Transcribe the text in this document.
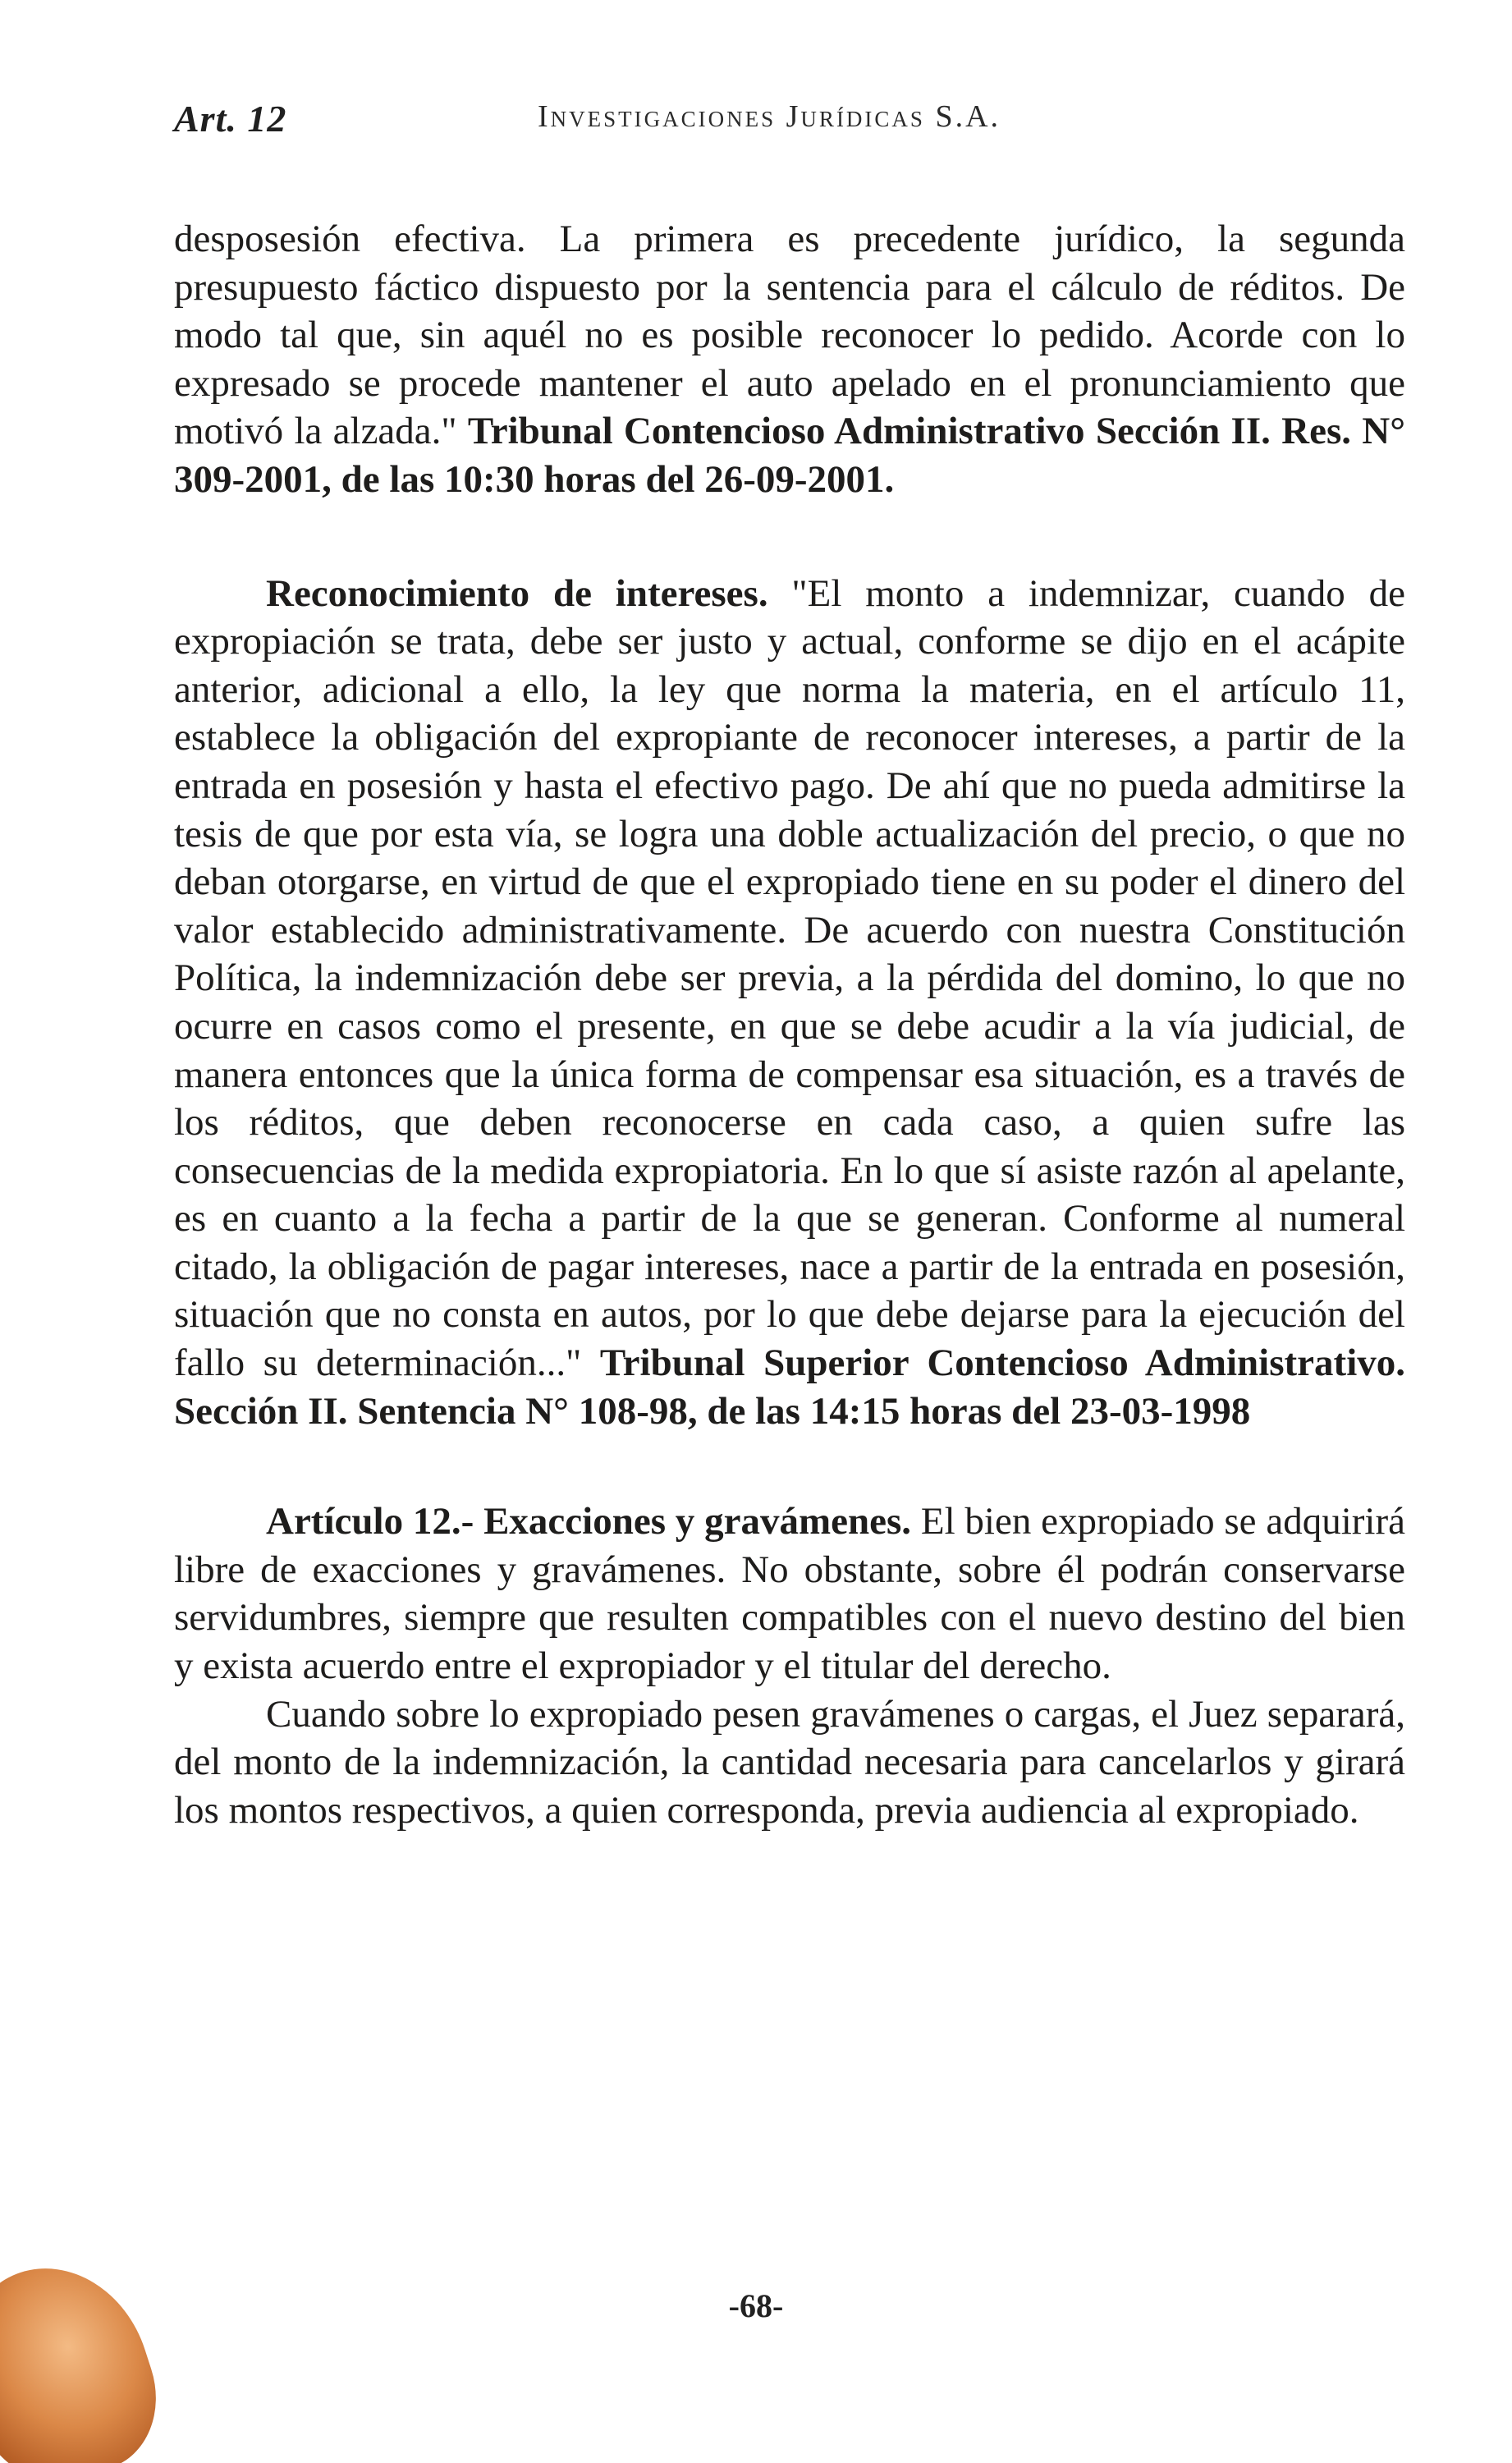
Art. 12	Investigaciones Jurídicas S.A.

desposesión efectiva. La primera es precedente jurídico, la segunda presupuesto fáctico dispuesto por la sentencia para el cálculo de réditos. De modo tal que, sin aquél no es posible reconocer lo pedido. Acorde con lo expresado se procede mantener el auto apelado en el pronunciamiento que motivó la alzada." Tribunal Contencioso Administrativo Sección II. Res. N° 309-2001, de las 10:30 horas del 26-09-2001.

Reconocimiento de intereses. "El monto a indemnizar, cuando de expropiación se trata, debe ser justo y actual, conforme se dijo en el acápite anterior, adicional a ello, la ley que norma la materia, en el artículo 11, establece la obligación del expropiante de reconocer intereses, a partir de la entrada en posesión y hasta el efectivo pago. De ahí que no pueda admitirse la tesis de que por esta vía, se logra una doble actualización del precio, o que no deban otorgarse, en virtud de que el expropiado tiene en su poder el dinero del valor establecido administrativamente. De acuerdo con nuestra Constitución Política, la indemnización debe ser previa, a la pérdida del domino, lo que no ocurre en casos como el presente, en que se debe acudir a la vía judicial, de manera entonces que la única forma de compensar esa situación, es a través de los réditos, que deben reconocerse en cada caso, a quien sufre las consecuencias de la medida expropiatoria. En lo que sí asiste razón al apelante, es en cuanto a la fecha a partir de la que se generan. Conforme al numeral citado, la obligación de pagar intereses, nace a partir de la entrada en posesión, situación que no consta en autos, por lo que debe dejarse para la ejecución del fallo su determinación..." Tribunal Superior Contencioso Administrativo. Sección II. Sentencia N° 108-98, de las 14:15 horas del 23-03-1998

Artículo 12.- Exacciones y gravámenes. El bien expropiado se adquirirá libre de exacciones y gravámenes. No obstante, sobre él podrán conservarse servidumbres, siempre que resulten compatibles con el nuevo destino del bien y exista acuerdo entre el expropiador y el titular del derecho.

Cuando sobre lo expropiado pesen gravámenes o cargas, el Juez separará, del monto de la indemnización, la cantidad necesaria para cancelarlos y girará los montos respectivos, a quien corresponda, previa audiencia al expropiado.

-68-
